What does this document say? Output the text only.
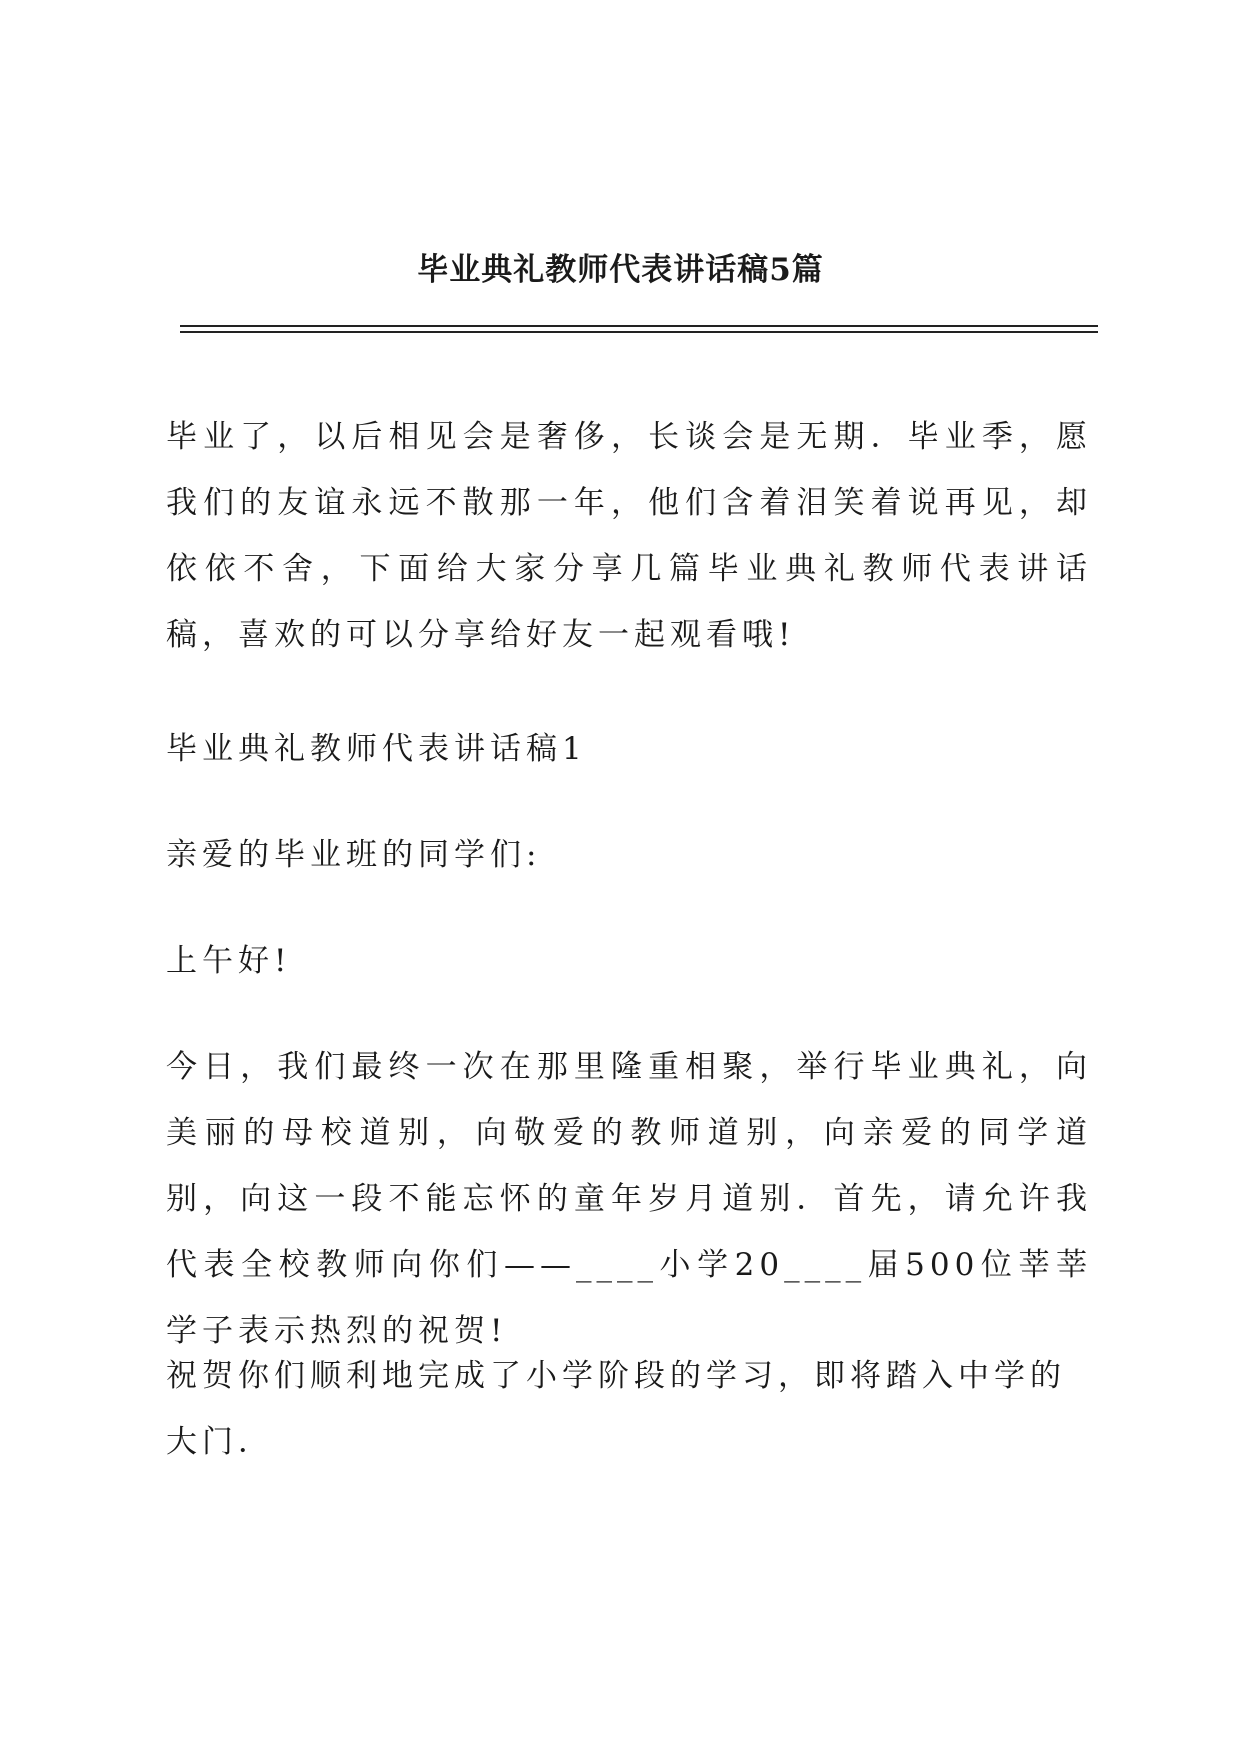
毕业典礼教师代表讲话稿5篇

毕业了，以后相见会是奢侈，长谈会是无期．毕业季，愿我们的友谊永远不散那一年，他们含着泪笑着说再见，却依依不舍，下面给大家分享几篇毕业典礼教师代表讲话稿，喜欢的可以分享给好友一起观看哦!

毕业典礼教师代表讲话稿1

亲爱的毕业班的同学们:

上午好!

今日，我们最终一次在那里隆重相聚，举行毕业典礼，向美丽的母校道别，向敬爱的教师道别，向亲爱的同学道别，向这一段不能忘怀的童年岁月道别．首先，请允许我代表全校教师向你们——____小学20____届500位莘莘学子表示热烈的祝贺!

祝贺你们顺利地完成了小学阶段的学习，即将踏入中学的大门．
